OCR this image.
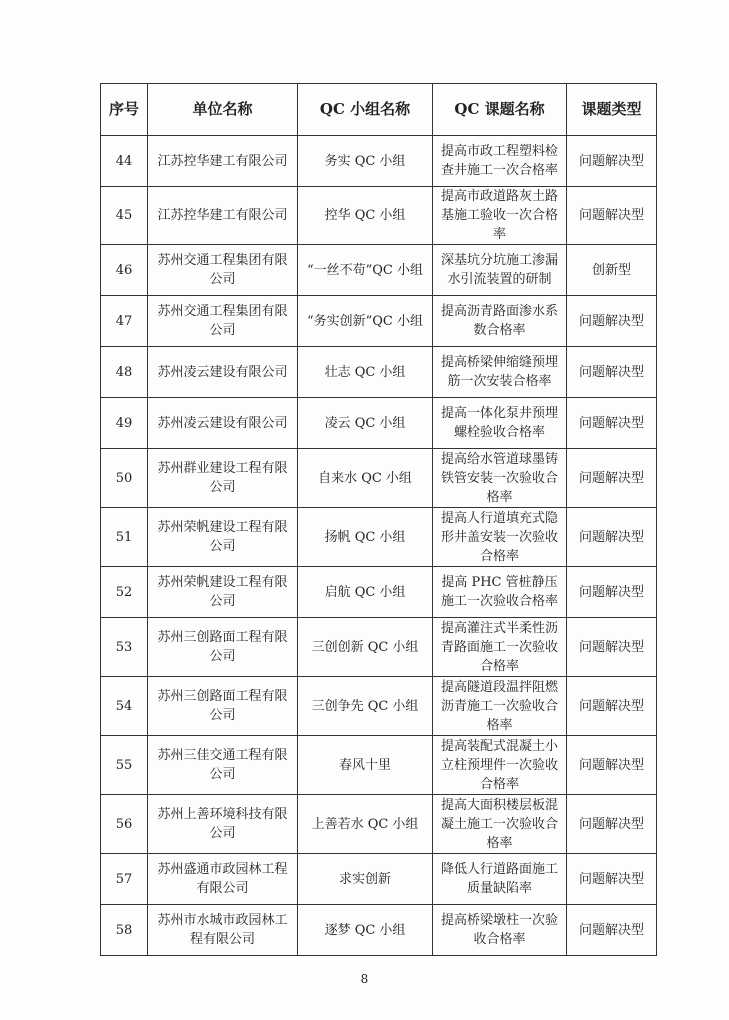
序号	单位名称	QC 小组名称	QC 课题名称	课题类型
44	江苏控华建工有限公司	务实 QC 小组	提高市政工程塑料检查井施工一次合格率	问题解决型
45	江苏控华建工有限公司	控华 QC 小组	提高市政道路灰土路基施工验收一次合格率	问题解决型
46	苏州交通工程集团有限公司	“一丝不苟”QC 小组	深基坑分坑施工渗漏水引流装置的研制	创新型
47	苏州交通工程集团有限公司	“务实创新”QC 小组	提高沥青路面渗水系数合格率	问题解决型
48	苏州凌云建设有限公司	壮志 QC 小组	提高桥梁伸缩缝预埋筋一次安装合格率	问题解决型
49	苏州凌云建设有限公司	凌云 QC 小组	提高一体化泵井预埋螺栓验收合格率	问题解决型
50	苏州群业建设工程有限公司	自来水 QC 小组	提高给水管道球墨铸铁管安装一次验收合格率	问题解决型
51	苏州荣帆建设工程有限公司	扬帆 QC 小组	提高人行道填充式隐形井盖安装一次验收合格率	问题解决型
52	苏州荣帆建设工程有限公司	启航 QC 小组	提高 PHC 管桩静压施工一次验收合格率	问题解决型
53	苏州三创路面工程有限公司	三创创新 QC 小组	提高灌注式半柔性沥青路面施工一次验收合格率	问题解决型
54	苏州三创路面工程有限公司	三创争先 QC 小组	提高隧道段温拌阻燃沥青施工一次验收合格率	问题解决型
55	苏州三佳交通工程有限公司	春风十里	提高装配式混凝土小立柱预埋件一次验收合格率	问题解决型
56	苏州上善环境科技有限公司	上善若水 QC 小组	提高大面积楼层板混凝土施工一次验收合格率	问题解决型
57	苏州盛通市政园林工程有限公司	求实创新	降低人行道路面施工质量缺陷率	问题解决型
58	苏州市水城市政园林工程有限公司	逐梦 QC 小组	提高桥梁墩柱一次验收合格率	问题解决型
8
